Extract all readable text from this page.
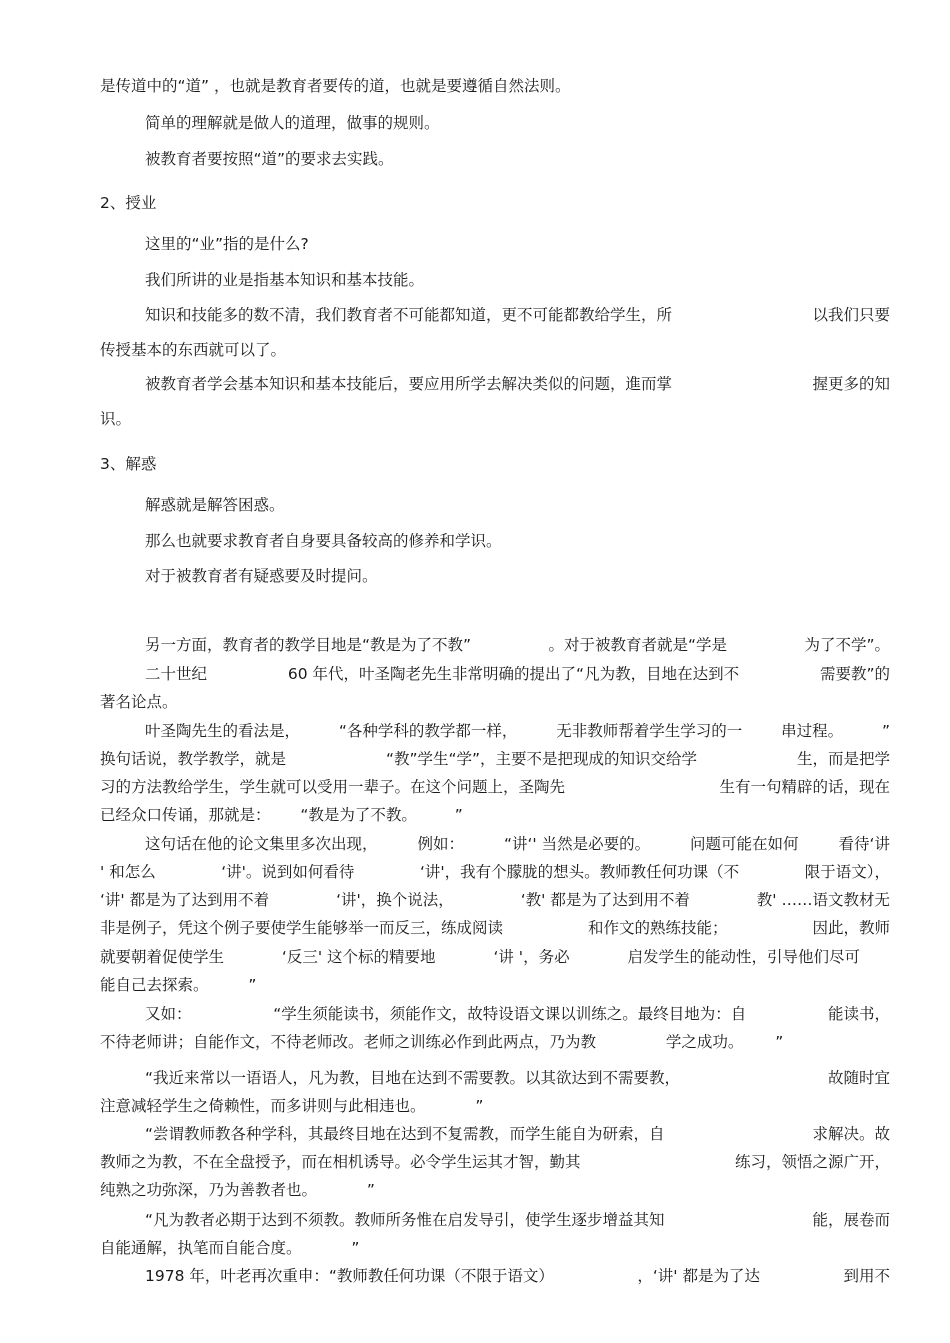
是传道中的“道” ，也就是教育者要传的道，也就是要遵循自然法则。
简单的理解就是做人的道理，做事的规则。
被教育者要按照“道”的要求去实践。
2、授业
这里的“业”指的是什么?
我们所讲的业是指基本知识和基本技能。
知识和技能多的数不清，我们教育者不可能都知道，更不可能都教给学生，所	以我们只要
传授基本的东西就可以了。
被教育者学会基本知识和基本技能后，要应用所学去解决类似的问题，進而掌	握更多的知
识。
3、解惑
解惑就是解答困惑。
那么也就要求教育者自身要具备较高的修养和学识。
对于被教育者有疑惑要及时提问。
另一方面，教育者的教学目地是“教是为了不教”	。对于被教育者就是“学是	为了不学”。
二十世纪	60 年代，叶圣陶老先生非常明确的提出了“凡为教，目地在达到不	需要教”的
著名论点。
叶圣陶先生的看法是，	“各种学科的教学都一样，	无非教师帮着学生学习的一	串过程。	”
换句话说，教学教学，就是	“教”学生“学”，主要不是把现成的知识交给学	生，而是把学
习的方法教给学生，学生就可以受用一辈子。在这个问题上，圣陶先	生有一句精辟的话，现在
已经众口传诵，那就是： “教是为了不教。 ”
这句话在他的论文集里多次出现，	例如：	“讲‘' 当然是必要的。	问题可能在如何	看待‘讲
' 和怎么	‘讲'。说到如何看待	‘讲'，我有个朦胧的想头。教师教任何功课（不	限于语文），
‘讲' 都是为了达到用不着	‘讲'，换个说法，	‘教' 都是为了达到用不着	教' ……语文教材无
非是例子，凭这个例子要使学生能够举一而反三，练成阅读	和作文的熟练技能；	因此，教师
就要朝着促使学生	‘反三' 这个标的精要地	‘讲 '，务必	启发学生的能动性，引导他们尽可
能自己去探索。	”
又如：	“学生须能读书，须能作文，故特设语文课以训练之。最终目地为：自	能读书，
不待老师讲；自能作文，不待老师改。老师之训练必作到此两点，乃为教	学之成功。 ”
“我近来常以一语语人，凡为教，目地在达到不需要教。以其欲达到不需要教，	故随时宜
注意减轻学生之倚赖性，而多讲则与此相违也。	”
“尝谓教师教各种学科，其最终目地在达到不复需教，而学生能自为研索，自	求解决。故
教师之为教，不在全盘授予，而在相机诱导。必令学生运其才智，勤其	练习，领悟之源广开，
纯熟之功弥深，乃为善教者也。	”
“凡为教者必期于达到不须教。教师所务惟在启发导引，使学生逐步增益其知	能，展卷而
自能通解，执笔而自能合度。	”
1978 年，叶老再次重申：“教师教任何功课（不限于语文）	，‘讲' 都是为了达	到用不
